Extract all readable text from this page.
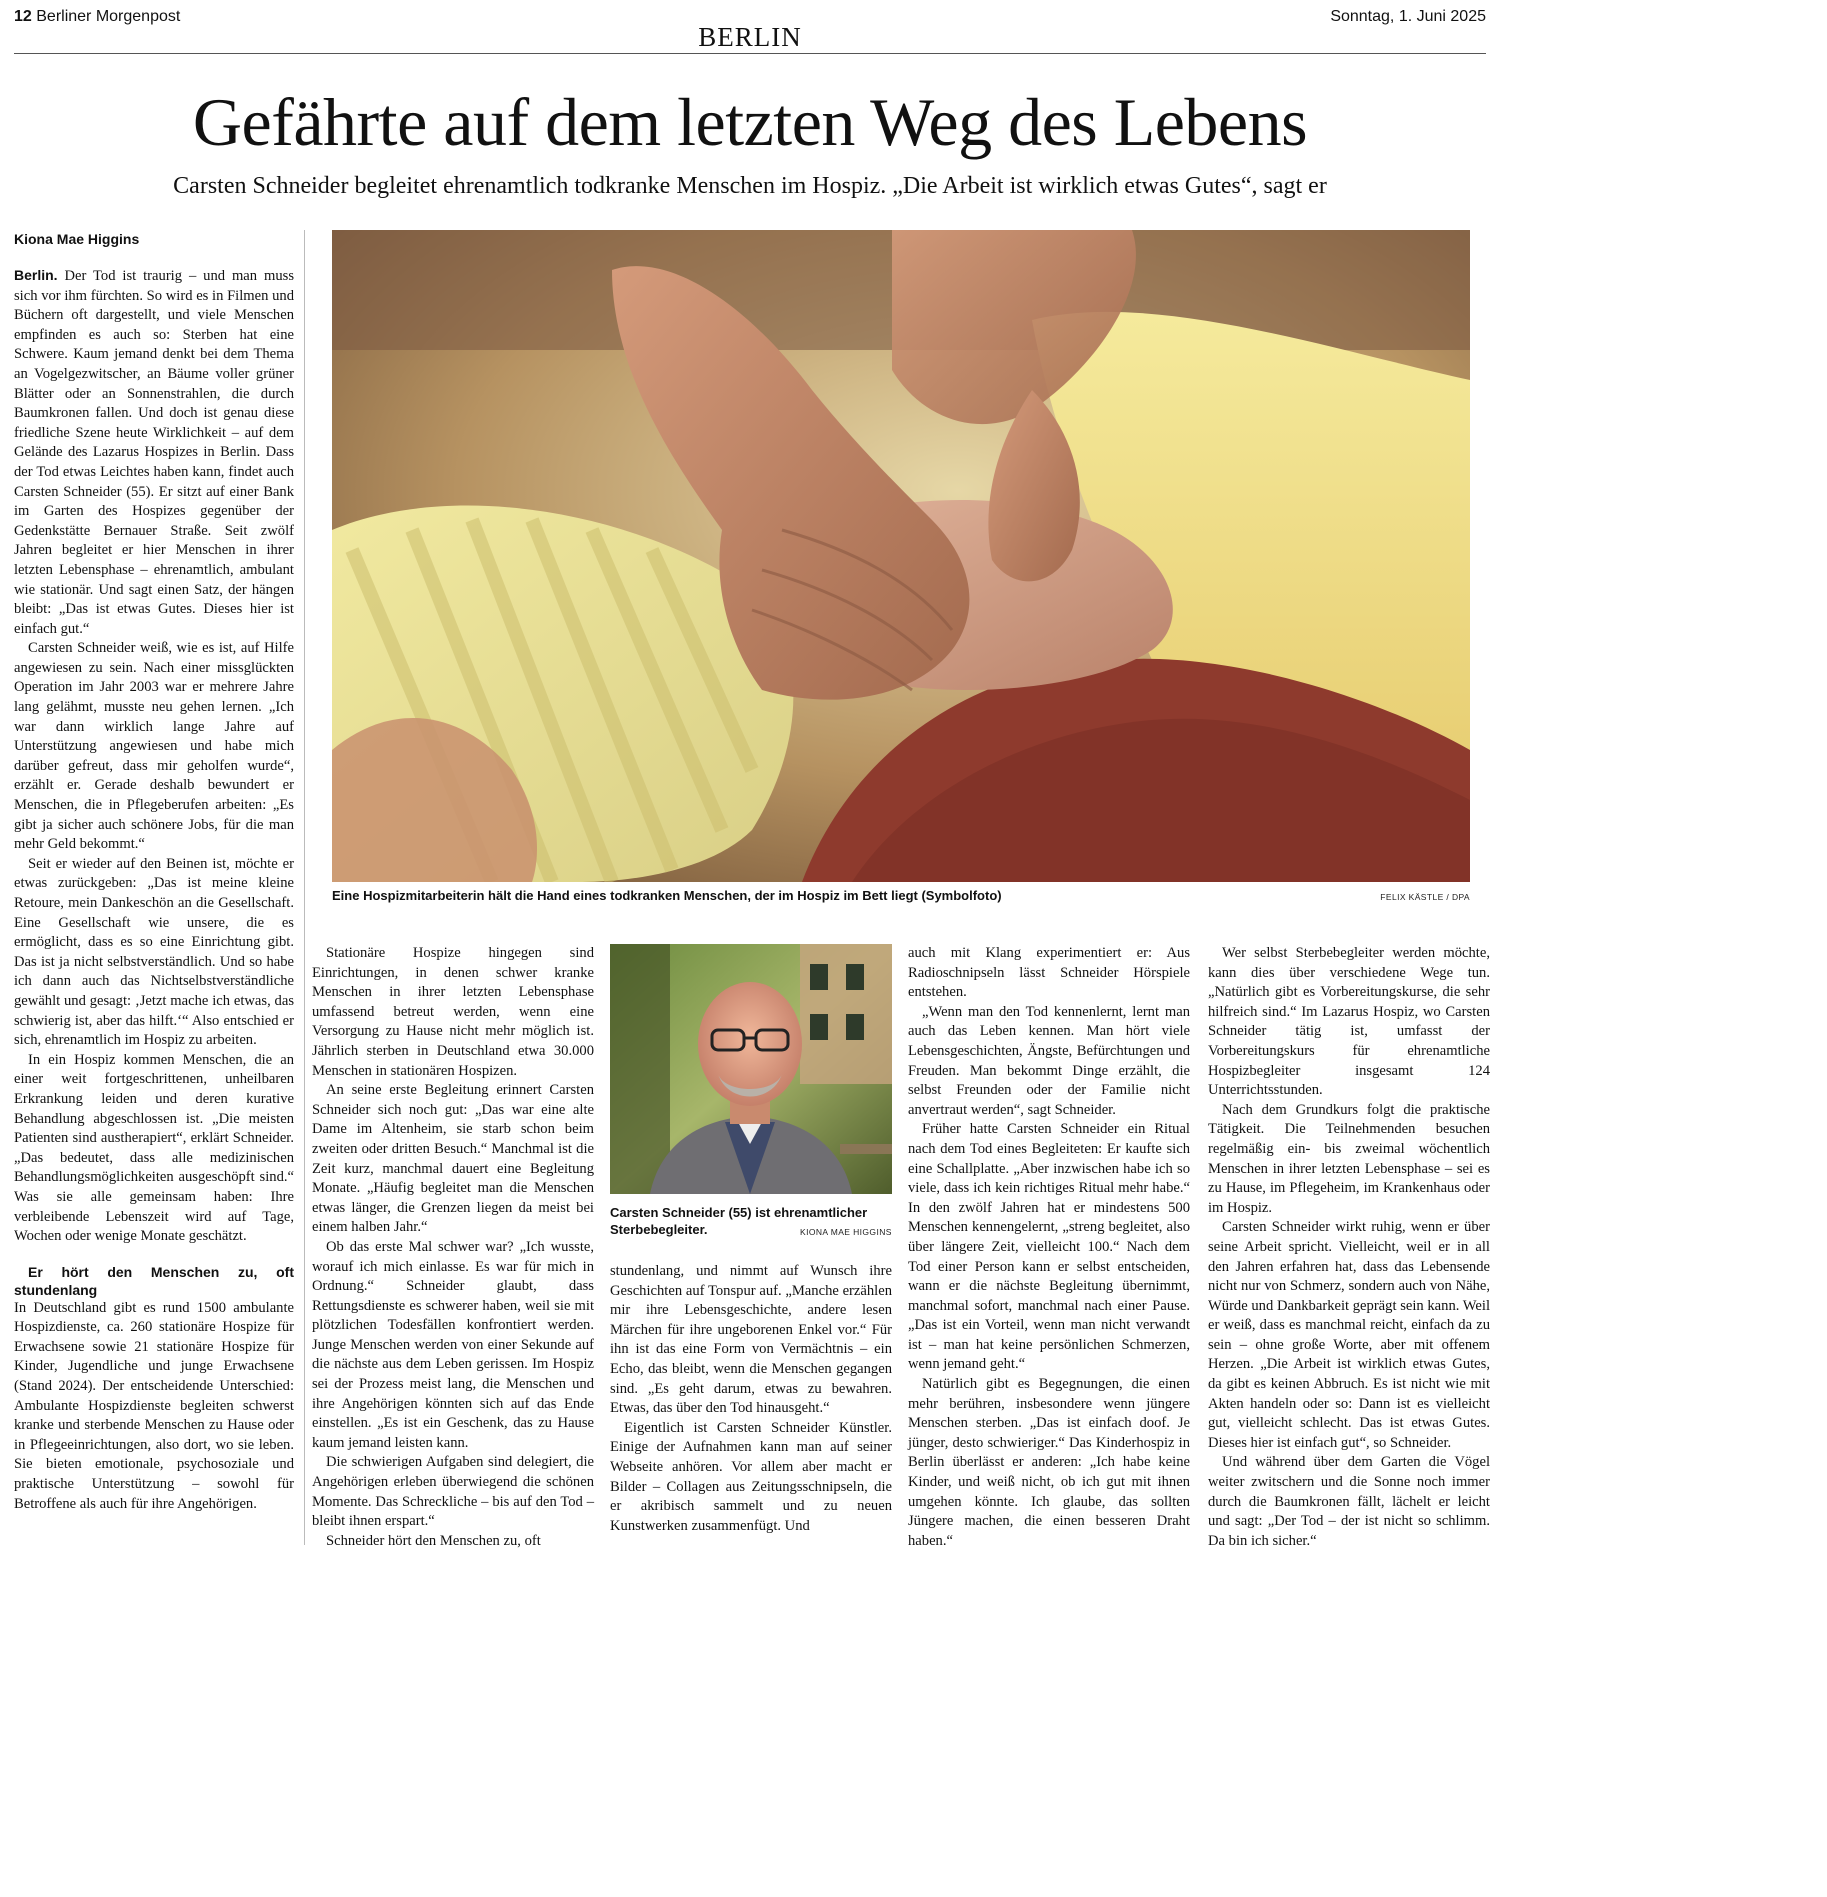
12 Berliner Morgenpost
BERLIN
Sonntag, 1. Juni 2025
Gefährte auf dem letzten Weg des Lebens
Carsten Schneider begleitet ehrenamtlich todkranke Menschen im Hospiz. „Die Arbeit ist wirklich etwas Gutes“, sagt er
Eine Hospizmitarbeiterin hält die Hand eines todkranken Menschen, der im Hospiz im Bett liegt (Symbolfoto)	FELIX KÄSTLE / DPA
Kiona Mae Higgins

Berlin. Der Tod ist traurig – und man muss sich vor ihm fürchten. So wird es in Filmen und Büchern oft dargestellt, und viele Menschen empfinden es auch so: Sterben hat eine Schwere. Kaum jemand denkt bei dem Thema an Vogelgezwitscher, an Bäume voller grüner Blätter oder an Sonnenstrahlen, die durch Baumkronen fallen. Und doch ist genau diese friedliche Szene heute Wirklichkeit – auf dem Gelände des Lazarus Hospizes in Berlin. Dass der Tod etwas Leichtes haben kann, findet auch Carsten Schneider (55). Er sitzt auf einer Bank im Garten des Hospizes gegenüber der Gedenkstätte Bernauer Straße. Seit zwölf Jahren begleitet er hier Menschen in ihrer letzten Lebensphase – ehrenamtlich, ambulant wie stationär. Und sagt einen Satz, der hängen bleibt: „Das ist etwas Gutes. Dieses hier ist einfach gut.“

Carsten Schneider weiß, wie es ist, auf Hilfe angewiesen zu sein. Nach einer missglückten Operation im Jahr 2003 war er mehrere Jahre lang gelähmt, musste neu gehen lernen. „Ich war dann wirklich lange Jahre auf Unterstützung angewiesen und habe mich darüber gefreut, dass mir geholfen wurde“, erzählt er. Gerade deshalb bewundert er Menschen, die in Pflegeberufen arbeiten: „Es gibt ja sicher auch schönere Jobs, für die man mehr Geld bekommt.“

Seit er wieder auf den Beinen ist, möchte er etwas zurückgeben: „Das ist meine kleine Retoure, mein Dankeschön an die Gesellschaft. Eine Gesellschaft wie unsere, die es ermöglicht, dass es so eine Einrichtung gibt. Das ist ja nicht selbstverständlich. Und so habe ich dann auch das Nichtselbstverständliche gewählt und gesagt: ‚Jetzt mache ich etwas, das schwierig ist, aber das hilft.‘“ Also entschied er sich, ehrenamtlich im Hospiz zu arbeiten.

In ein Hospiz kommen Menschen, die an einer weit fortgeschrittenen, unheilbaren Erkrankung leiden und deren kurative Behandlung abgeschlossen ist. „Die meisten Patienten sind austherapiert“, erklärt Schneider. „Das bedeutet, dass alle medizinischen Behandlungsmöglichkeiten ausgeschöpft sind.“ Was sie alle gemeinsam haben: Ihre verbleibende Lebenszeit wird auf Tage, Wochen oder wenige Monate geschätzt.

Er hört den Menschen zu, oft stundenlang

In Deutschland gibt es rund 1500 ambulante Hospizdienste, ca. 260 stationäre Hospize für Erwachsene sowie 21 stationäre Hospize für Kinder, Jugendliche und junge Erwachsene (Stand 2024). Der entscheidende Unterschied: Ambulante Hospizdienste begleiten schwerst kranke und sterbende Menschen zu Hause oder in Pflegeeinrichtungen, also dort, wo sie leben. Sie bieten emotionale, psychosoziale und praktische Unterstützung – sowohl für Betroffene als auch für ihre Angehörigen.

Stationäre Hospize hingegen sind Einrichtungen, in denen schwer kranke Menschen in ihrer letzten Lebensphase umfassend betreut werden, wenn eine Versorgung zu Hause nicht mehr möglich ist. Jährlich sterben in Deutschland etwa 30.000 Menschen in stationären Hospizen.

An seine erste Begleitung erinnert Carsten Schneider sich noch gut: „Das war eine alte Dame im Altenheim, sie starb schon beim zweiten oder dritten Besuch.“ Manchmal ist die Zeit kurz, manchmal dauert eine Begleitung Monate. „Häufig begleitet man die Menschen etwas länger, die Grenzen liegen da meist bei einem halben Jahr.“

Ob das erste Mal schwer war? „Ich wusste, worauf ich mich einlasse. Es war für mich in Ordnung.“ Schneider glaubt, dass Rettungsdienste es schwerer haben, weil sie mit plötzlichen Todesfällen konfrontiert werden. Junge Menschen werden von einer Sekunde auf die nächste aus dem Leben gerissen. Im Hospiz sei der Prozess meist lang, die Menschen und ihre Angehörigen könnten sich auf das Ende einstellen. „Es ist ein Geschenk, das zu Hause kaum jemand leisten kann.

Die schwierigen Aufgaben sind delegiert, die Angehörigen erleben überwiegend die schönen Momente. Das Schreckliche – bis auf den Tod – bleibt ihnen erspart.“

Schneider hört den Menschen zu, oft

Carsten Schneider (55) ist ehrenamtlicher Sterbebegleiter.	KIONA MAE HIGGINS

stundenlang, und nimmt auf Wunsch ihre Geschichten auf Tonspur auf. „Manche erzählen mir ihre Lebensgeschichte, andere lesen Märchen für ihre ungeborenen Enkel vor.“ Für ihn ist das eine Form von Vermächtnis – ein Echo, das bleibt, wenn die Menschen gegangen sind. „Es geht darum, etwas zu bewahren. Etwas, das über den Tod hinausgeht.“

Eigentlich ist Carsten Schneider Künstler. Einige der Aufnahmen kann man auf seiner Webseite anhören. Vor allem aber macht er Bilder – Collagen aus Zeitungsschnipseln, die er akribisch sammelt und zu neuen Kunstwerken zusammenfügt. Und

auch mit Klang experimentiert er: Aus Radioschnipseln lässt Schneider Hörspiele entstehen.

„Wenn man den Tod kennenlernt, lernt man auch das Leben kennen. Man hört viele Lebensgeschichten, Ängste, Befürchtungen und Freuden. Man bekommt Dinge erzählt, die selbst Freunden oder der Familie nicht anvertraut werden“, sagt Schneider.

Früher hatte Carsten Schneider ein Ritual nach dem Tod eines Begleiteten: Er kaufte sich eine Schallplatte. „Aber inzwischen habe ich so viele, dass ich kein richtiges Ritual mehr habe.“ In den zwölf Jahren hat er mindestens 500 Menschen kennengelernt, „streng begleitet, also über längere Zeit, vielleicht 100.“ Nach dem Tod einer Person kann er selbst entscheiden, wann er die nächste Begleitung übernimmt, manchmal sofort, manchmal nach einer Pause. „Das ist ein Vorteil, wenn man nicht verwandt ist – man hat keine persönlichen Schmerzen, wenn jemand geht.“

Natürlich gibt es Begegnungen, die einen mehr berühren, insbesondere wenn jüngere Menschen sterben. „Das ist einfach doof. Je jünger, desto schwieriger.“ Das Kinderhospiz in Berlin überlässt er anderen: „Ich habe keine Kinder, und weiß nicht, ob ich gut mit ihnen umgehen könnte. Ich glaube, das sollten Jüngere machen, die einen besseren Draht haben.“

Wer selbst Sterbebegleiter werden möchte, kann dies über verschiedene Wege tun. „Natürlich gibt es Vorbereitungskurse, die sehr hilfreich sind.“ Im Lazarus Hospiz, wo Carsten Schneider tätig ist, umfasst der Vorbereitungskurs für ehrenamtliche Hospizbegleiter insgesamt 124 Unterrichtsstunden.

Nach dem Grundkurs folgt die praktische Tätigkeit. Die Teilnehmenden besuchen regelmäßig ein- bis zweimal wöchentlich Menschen in ihrer letzten Lebensphase – sei es zu Hause, im Pflegeheim, im Krankenhaus oder im Hospiz.

Carsten Schneider wirkt ruhig, wenn er über seine Arbeit spricht. Vielleicht, weil er in all den Jahren erfahren hat, dass das Lebensende nicht nur von Schmerz, sondern auch von Nähe, Würde und Dankbarkeit geprägt sein kann. Weil er weiß, dass es manchmal reicht, einfach da zu sein – ohne große Worte, aber mit offenem Herzen. „Die Arbeit ist wirklich etwas Gutes, da gibt es keinen Abbruch. Es ist nicht wie mit Akten handeln oder so: Dann ist es vielleicht gut, vielleicht schlecht. Das ist etwas Gutes. Dieses hier ist einfach gut“, so Schneider.

Und während über dem Garten die Vögel weiter zwitschern und die Sonne noch immer durch die Baumkronen fällt, lächelt er leicht und sagt: „Der Tod – der ist nicht so schlimm. Da bin ich sicher.“
